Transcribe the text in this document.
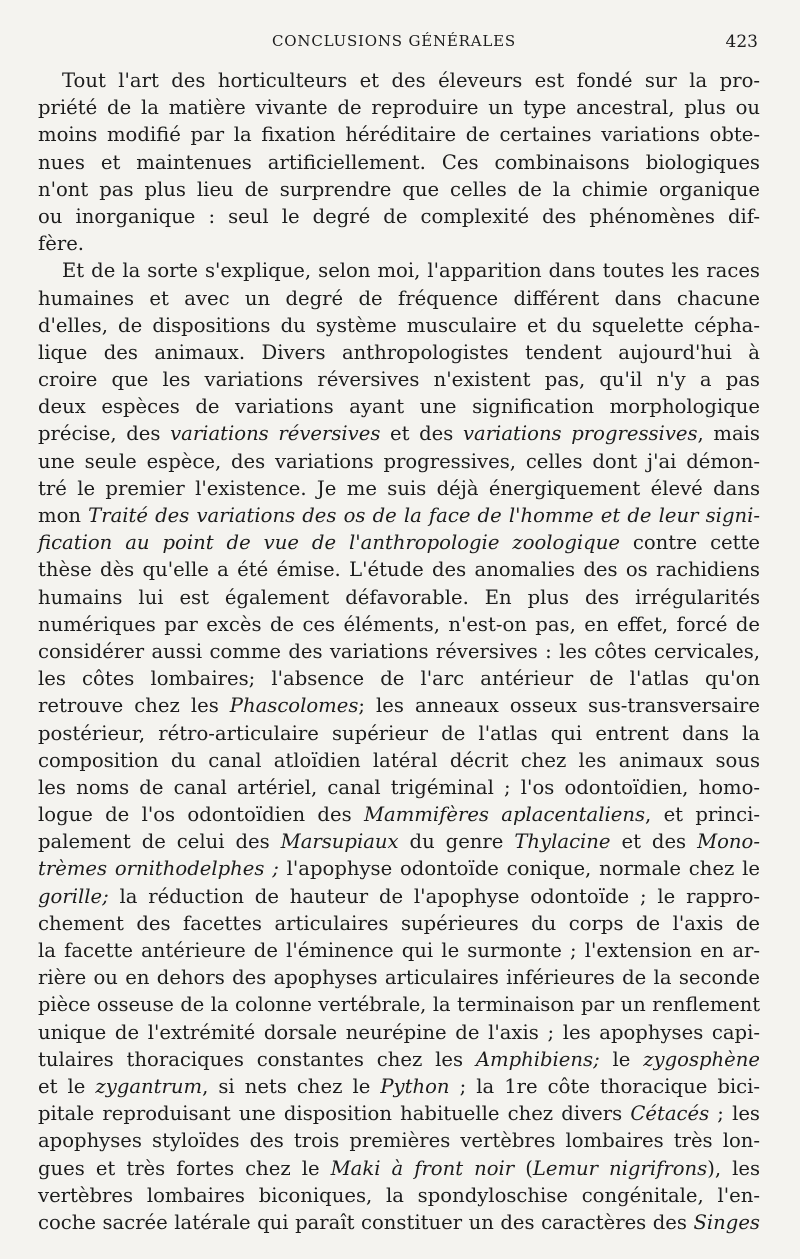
CONCLUSIONS GÉNÉRALES	423
Tout l'art des horticulteurs et des éleveurs est fondé sur la pro-
priété de la matière vivante de reproduire un type ancestral, plus ou
moins modifié par la fixation héréditaire de certaines variations obte-
nues et maintenues artificiellement. Ces combinaisons biologiques
n'ont pas plus lieu de surprendre que celles de la chimie organique
ou inorganique : seul le degré de complexité des phénomènes dif-
fère.
Et de la sorte s'explique, selon moi, l'apparition dans toutes les races
humaines et avec un degré de fréquence différent dans chacune
d'elles, de dispositions du système musculaire et du squelette cépha-
lique des animaux. Divers anthropologistes tendent aujourd'hui à
croire que les variations réversives n'existent pas, qu'il n'y a pas
deux espèces de variations ayant une signification morphologique
précise, des variations réversives et des variations progressives, mais
une seule espèce, des variations progressives, celles dont j'ai démon-
tré le premier l'existence. Je me suis déjà énergiquement élevé dans
mon Traité des variations des os de la face de l'homme et de leur signi-
fication au point de vue de l'anthropologie zoologique contre cette
thèse dès qu'elle a été émise. L'étude des anomalies des os rachidiens
humains lui est également défavorable. En plus des irrégularités
numériques par excès de ces éléments, n'est-on pas, en effet, forcé de
considérer aussi comme des variations réversives : les côtes cervicales,
les côtes lombaires; l'absence de l'arc antérieur de l'atlas qu'on
retrouve chez les Phascolomes; les anneaux osseux sus-transversaire
postérieur, rétro-articulaire supérieur de l'atlas qui entrent dans la
composition du canal atloïdien latéral décrit chez les animaux sous
les noms de canal artériel, canal trigéminal ; l'os odontoïdien, homo-
logue de l'os odontoïdien des Mammifères aplacentaliens, et princi-
palement de celui des Marsupiaux du genre Thylacine et des Mono-
trèmes ornithodelphes ; l'apophyse odontoïde conique, normale chez le
gorille; la réduction de hauteur de l'apophyse odontoïde ; le rappro-
chement des facettes articulaires supérieures du corps de l'axis de
la facette antérieure de l'éminence qui le surmonte ; l'extension en ar-
rière ou en dehors des apophyses articulaires inférieures de la seconde
pièce osseuse de la colonne vertébrale, la terminaison par un renflement
unique de l'extrémité dorsale neurépine de l'axis ; les apophyses capi-
tulaires thoraciques constantes chez les Amphibiens; le zygosphène
et le zygantrum, si nets chez le Python ; la 1re côte thoracique bici-
pitale reproduisant une disposition habituelle chez divers Cétacés ; les
apophyses styloïdes des trois premières vertèbres lombaires très lon-
gues et très fortes chez le Maki à front noir (Lemur nigrifrons), les
vertèbres lombaires biconiques, la spondyloschise congénitale, l'en-
coche sacrée latérale qui paraît constituer un des caractères des Singes
